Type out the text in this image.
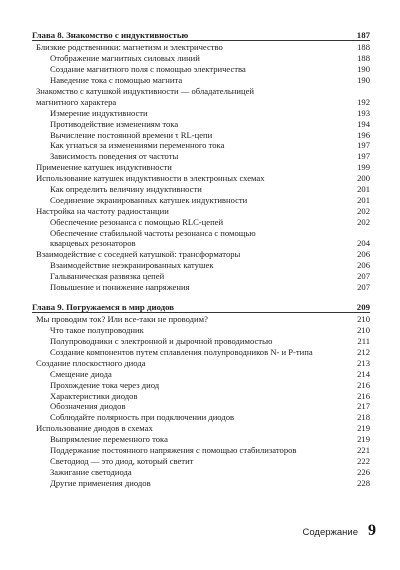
Глава 8. Знакомство с индуктивностью	187
Близкие родственники: магнетизм и электричество	188
Отображение магнитных силовых линий	188
Создание магнитного поля с помощью электричества	190
Наведение тока с помощью магнита	190
Знакомство с катушкой индуктивности — обладательницей
магнитного характера	192
Измерение индуктивности	193
Противодействие изменениям тока	194
Вычисление постоянной времени τ RL-цепи	196
Как угнаться за изменениями переменного тока	197
Зависимость поведения от частоты	197
Применение катушек индуктивности	199
Использование катушек индуктивности в электронных схемах	200
Как определить величину индуктивности	201
Соединение экранированных катушек индуктивности	201
Настройка на частоту радиостанции	202
Обеспечение резонанса с помощью RLC-цепей	202
Обеспечение стабильной частоты резонанса с помощью
кварцевых резонаторов	204
Взаимодействие с соседней катушкой: трансформаторы	206
Взаимодействие неэкранированных катушек	206
Гальваническая развязка цепей	207
Повышение и понижение напряжения	207
Глава 9. Погружаемся в мир диодов	209
Мы проводим ток? Или все-таки не проводим?	210
Что такое полупроводник	210
Полупроводники с электронной и дырочной проводимостью	211
Создание компонентов путем сплавления полупроводников N- и P-типа	212
Создание плоскостного диода	213
Смещение диода	214
Прохождение тока через диод	216
Характеристики диодов	216
Обозначения диодов	217
Соблюдайте полярность при подключении диодов	218
Использование диодов в схемах	219
Выпрямление переменного тока	219
Поддержание постоянного напряжения с помощью стабилизаторов	221
Светодиод — это диод, который светит	222
Зажигание светодиода	226
Другие применения диодов	228
Содержание 9
